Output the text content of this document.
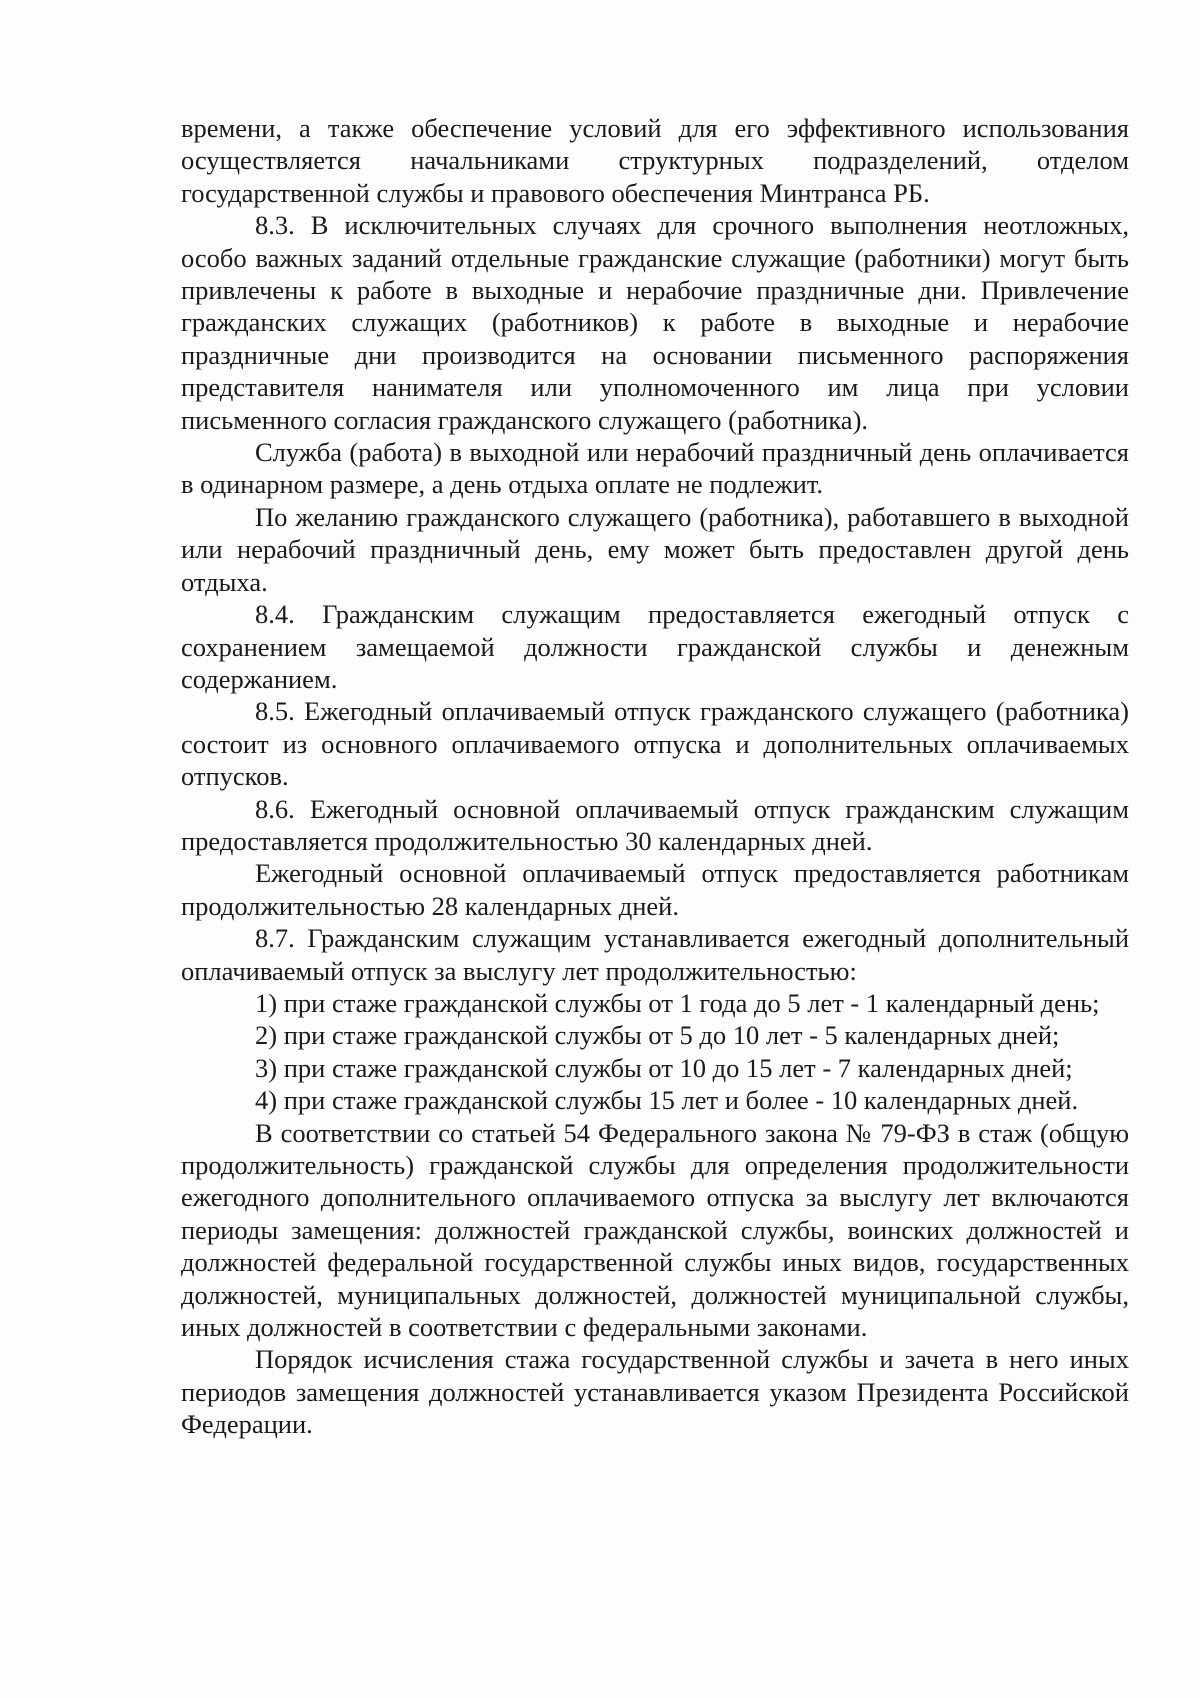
времени, а также обеспечение условий для его эффективного использования осуществляется начальниками структурных подразделений, отделом государственной службы и правового обеспечения Минтранса РБ.

8.3. В исключительных случаях для срочного выполнения неотложных, особо важных заданий отдельные гражданские служащие (работники) могут быть привлечены к работе в выходные и нерабочие праздничные дни. Привлечение гражданских служащих (работников) к работе в выходные и нерабочие праздничные дни производится на основании письменного распоряжения представителя нанимателя или уполномоченного им лица при условии письменного согласия гражданского служащего (работника).

Служба (работа) в выходной или нерабочий праздничный день оплачивается в одинарном размере, а день отдыха оплате не подлежит.

По желанию гражданского служащего (работника), работавшего в выходной или нерабочий праздничный день, ему может быть предоставлен другой день отдыха.

8.4. Гражданским служащим предоставляется ежегодный отпуск с сохранением замещаемой должности гражданской службы и денежным содержанием.

8.5. Ежегодный оплачиваемый отпуск гражданского служащего (работника) состоит из основного оплачиваемого отпуска и дополнительных оплачиваемых отпусков.

8.6. Ежегодный основной оплачиваемый отпуск гражданским служащим предоставляется продолжительностью 30 календарных дней.

Ежегодный основной оплачиваемый отпуск предоставляется работникам продолжительностью 28 календарных дней.

8.7. Гражданским служащим устанавливается ежегодный дополнительный оплачиваемый отпуск за выслугу лет продолжительностью:

1) при стаже гражданской службы от 1 года до 5 лет - 1 календарный день;

2) при стаже гражданской службы от 5 до 10 лет - 5 календарных дней;

3) при стаже гражданской службы от 10 до 15 лет - 7 календарных дней;

4) при стаже гражданской службы 15 лет и более - 10 календарных дней.

В соответствии со статьей 54 Федерального закона № 79-ФЗ в стаж (общую продолжительность) гражданской службы для определения продолжительности ежегодного дополнительного оплачиваемого отпуска за выслугу лет включаются периоды замещения: должностей гражданской службы, воинских должностей и должностей федеральной государственной службы иных видов, государственных должностей, муниципальных должностей, должностей муниципальной службы, иных должностей в соответствии с федеральными законами.

Порядок исчисления стажа государственной службы и зачета в него иных периодов замещения должностей устанавливается указом Президента Российской Федерации.
